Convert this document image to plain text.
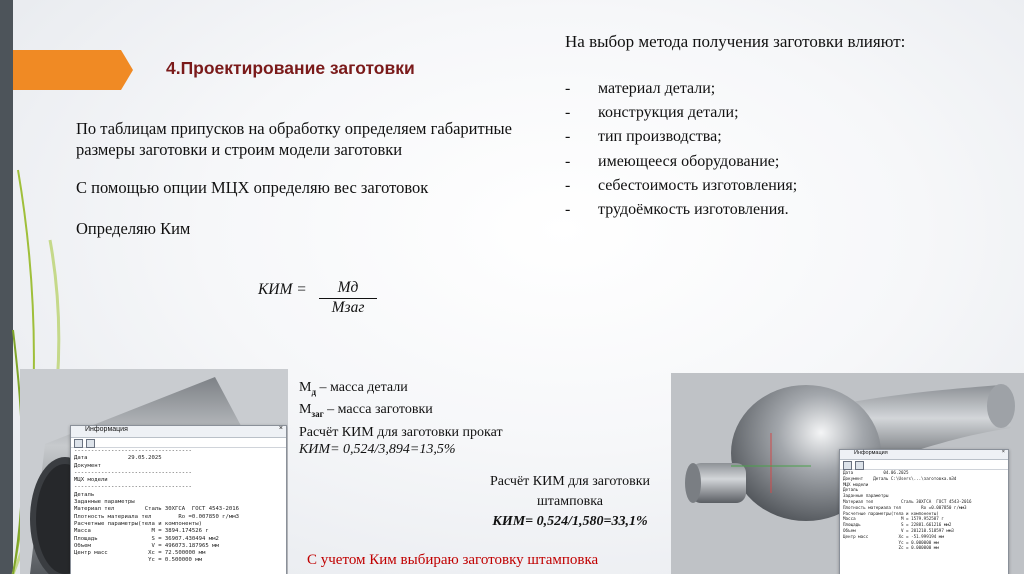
4.Проектирование заготовки
По таблицам припусков на обработку определяем габаритные размеры заготовки и строим модели заготовки
С помощью опции МЦХ определяю вес заготовок
Определяю Ким
КИМ =	Мд
Мзаг
На выбор метода получения заготовки влияют:
-	материал детали;
-	конструкция детали;
-	тип производства;
-	имеющееся оборудование;
-	себестоимость изготовления;
-	трудоёмкость изготовления.
Информация	×
-----------------------------------
Дата            29.05.2025
Документ
-----------------------------------
МЦХ модели
-----------------------------------
Деталь
Заданные параметры
Материал тел         Сталь 30ХГСА  ГОСТ 4543-2016
Плотность материала тел        Ro =0.007850 г/мм3
Расчетные параметры(тела и компоненты)
Масса                  M = 3894.174526 г
Площадь                S = 36907.430494 мм2
Объем                  V = 496073.187965 мм
Центр масс            Xc = 72.500000 мм
Yc = 0.500000 мм
$М_д$ – масса детали
$М_{заг}$ – масса заготовки
Расчёт КИМ для заготовки прокат
КИМ= 0,524/3,894=13,5%
Расчёт КИМ для заготовки
штамповка
КИМ= 0,524/1,580=33,1%
Информация	×
Дата            04.06.2025
Документ    Деталь C:\Users\...\заготовка.m3d
МЦХ модели
Деталь
Заданные параметры
Материал тел           Сталь 30ХГСА  ГОСТ 4543-2016
Плотность материала тел        Ro =0.007850 г/мм3
Расчетные параметры(тела и компоненты)
Масса                  M = 1579.952587 г
Площадь                S = 22881.661216 мм2
Объем                  V = 201210.518597 мм3
Центр масс            Xc = -51.999194 мм
Yc = 0.000000 мм
Zc = 0.000000 мм
С учетом Ким выбираю заготовку штамповка
